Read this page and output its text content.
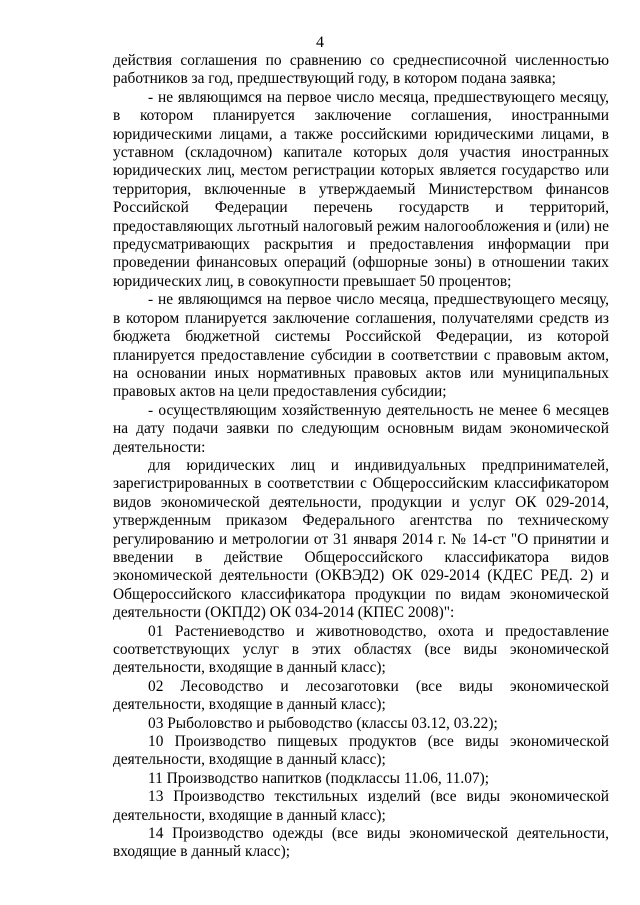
4

действия соглашения по сравнению со среднесписочной численностью работников за год, предшествующий году, в котором подана заявка;

- не являющимся на первое число месяца, предшествующего месяцу, в котором планируется заключение соглашения, иностранными юридическими лицами, а также российскими юридическими лицами, в уставном (складочном) капитале которых доля участия иностранных юридических лиц, местом регистрации которых является государство или территория, включенные в утверждаемый Министерством финансов Российской Федерации перечень государств и территорий, предоставляющих льготный налоговый режим налогообложения и (или) не предусматривающих раскрытия и предоставления информации при проведении финансовых операций (офшорные зоны) в отношении таких юридических лиц, в совокупности превышает 50 процентов;

- не являющимся на первое число месяца, предшествующего месяцу, в котором планируется заключение соглашения, получателями средств из бюджета бюджетной системы Российской Федерации, из которой планируется предоставление субсидии в соответствии с правовым актом, на основании иных нормативных правовых актов или муниципальных правовых актов на цели предоставления субсидии;

- осуществляющим хозяйственную деятельность не менее 6 месяцев на дату подачи заявки по следующим основным видам экономической деятельности:

для юридических лиц и индивидуальных предпринимателей, зарегистрированных в соответствии с Общероссийским классификатором видов экономической деятельности, продукции и услуг ОК 029-2014, утвержденным приказом Федерального агентства по техническому регулированию и метрологии от 31 января 2014 г. № 14-ст "О принятии и введении в действие Общероссийского классификатора видов экономической деятельности (ОКВЭД2) ОК 029-2014 (КДЕС РЕД. 2) и Общероссийского классификатора продукции по видам экономической деятельности (ОКПД2) ОК 034-2014 (КПЕС 2008)":

01 Растениеводство и животноводство, охота и предоставление соответствующих услуг в этих областях (все виды экономической деятельности, входящие в данный класс);

02 Лесоводство и лесозаготовки (все виды экономической деятельности, входящие в данный класс);

03 Рыболовство и рыбоводство (классы 03.12, 03.22);

10 Производство пищевых продуктов (все виды экономической деятельности, входящие в данный класс);

11 Производство напитков (подклассы 11.06, 11.07);

13 Производство текстильных изделий (все виды экономической деятельности, входящие в данный класс);

14 Производство одежды (все виды экономической деятельности, входящие в данный класс);
